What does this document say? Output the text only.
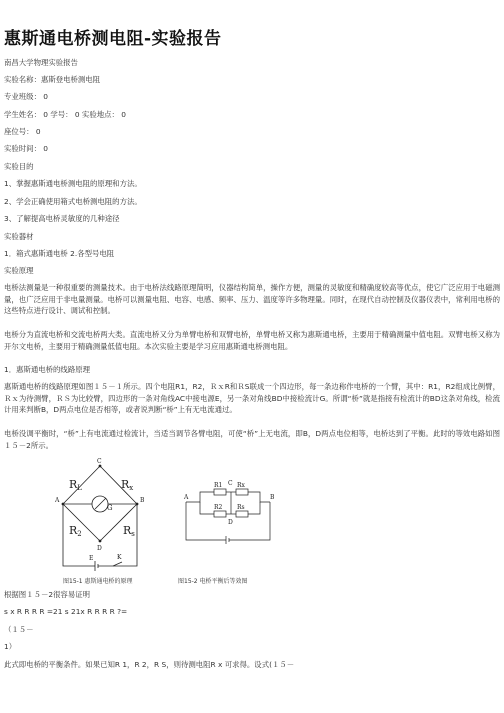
惠斯通电桥测电阻-实验报告
南昌大学物理实验报告
实验名称：惠斯登电桥测电阻
专业班级： 0
学生姓名： 0 学号： 0 实验地点： 0
座位号： 0
实验时间： 0
实验目的
1、掌握惠斯通电桥测电阻的原理和方法。
2、学会正确使用箱式电桥测电阻的方法。
3、了解提高电桥灵敏度的几种途径
实验器材
1．箱式惠斯通电桥 2.各型号电阻
实验原理
电桥法测量是一种很重要的测量技术。由于电桥法线路原理简明，仪器结构简单，操作方便，测量的灵敏度和精确度较高等优点，使它广泛应用于电磁测量，也广泛应用于非电量测量。电桥可以测量电阻、电容、电感、频率、压力、温度等许多物理量。同时，在现代自动控制及仪器仪表中，常利用电桥的这些特点进行设计、调试和控制。
电桥分为直流电桥和交流电桥两大类。直流电桥又分为单臂电桥和双臂电桥，单臂电桥又称为惠斯通电桥，主要用于精确测量中值电阻。双臂电桥又称为开尔文电桥，主要用于精确测量低值电阻。本次实验主要是学习应用惠斯通电桥测电阻。
1．惠斯通电桥的线路原理
惠斯通电桥的线路原理如图１５－１所示。四个电阻R1，R2，ＲｘR和ＲS联成一个四边形，每一条边称作电桥的一个臂，其中：R1，R2组成比例臂，Ｒｘ为待测臂，ＲＳ为比较臂，四边形的一条对角线AC中接电源E，另一条对角线BD中接检流计G。所谓“桥”就是指接有检流计的BD这条对角线，检流计用来判断B，D两点电位是否相等，或者说判断“桥”上有无电流通过。
电桥没调平衡时，“桥”上有电流通过检流计，当适当调节各臂电阻，可使“桥”上无电流，即B，D两点电位相等，电桥达到了平衡。此时的等效电路如图１５－2所示。
C
A	B
D
RL	Rx
R2	Rs
G
E	K
图15-1 惠斯通电桥的原理
C
A	B
D
R1 Rx
R2 Rs
图15-2 电桥平衡后等效图
根据图１５－2很容易证明
s x R R R R =21 s 21x R R R R ?=
（１５－
1）
此式即电桥的平衡条件。如果已知R 1，R 2，R S，则待测电阻R x 可求得。设式(１５－
